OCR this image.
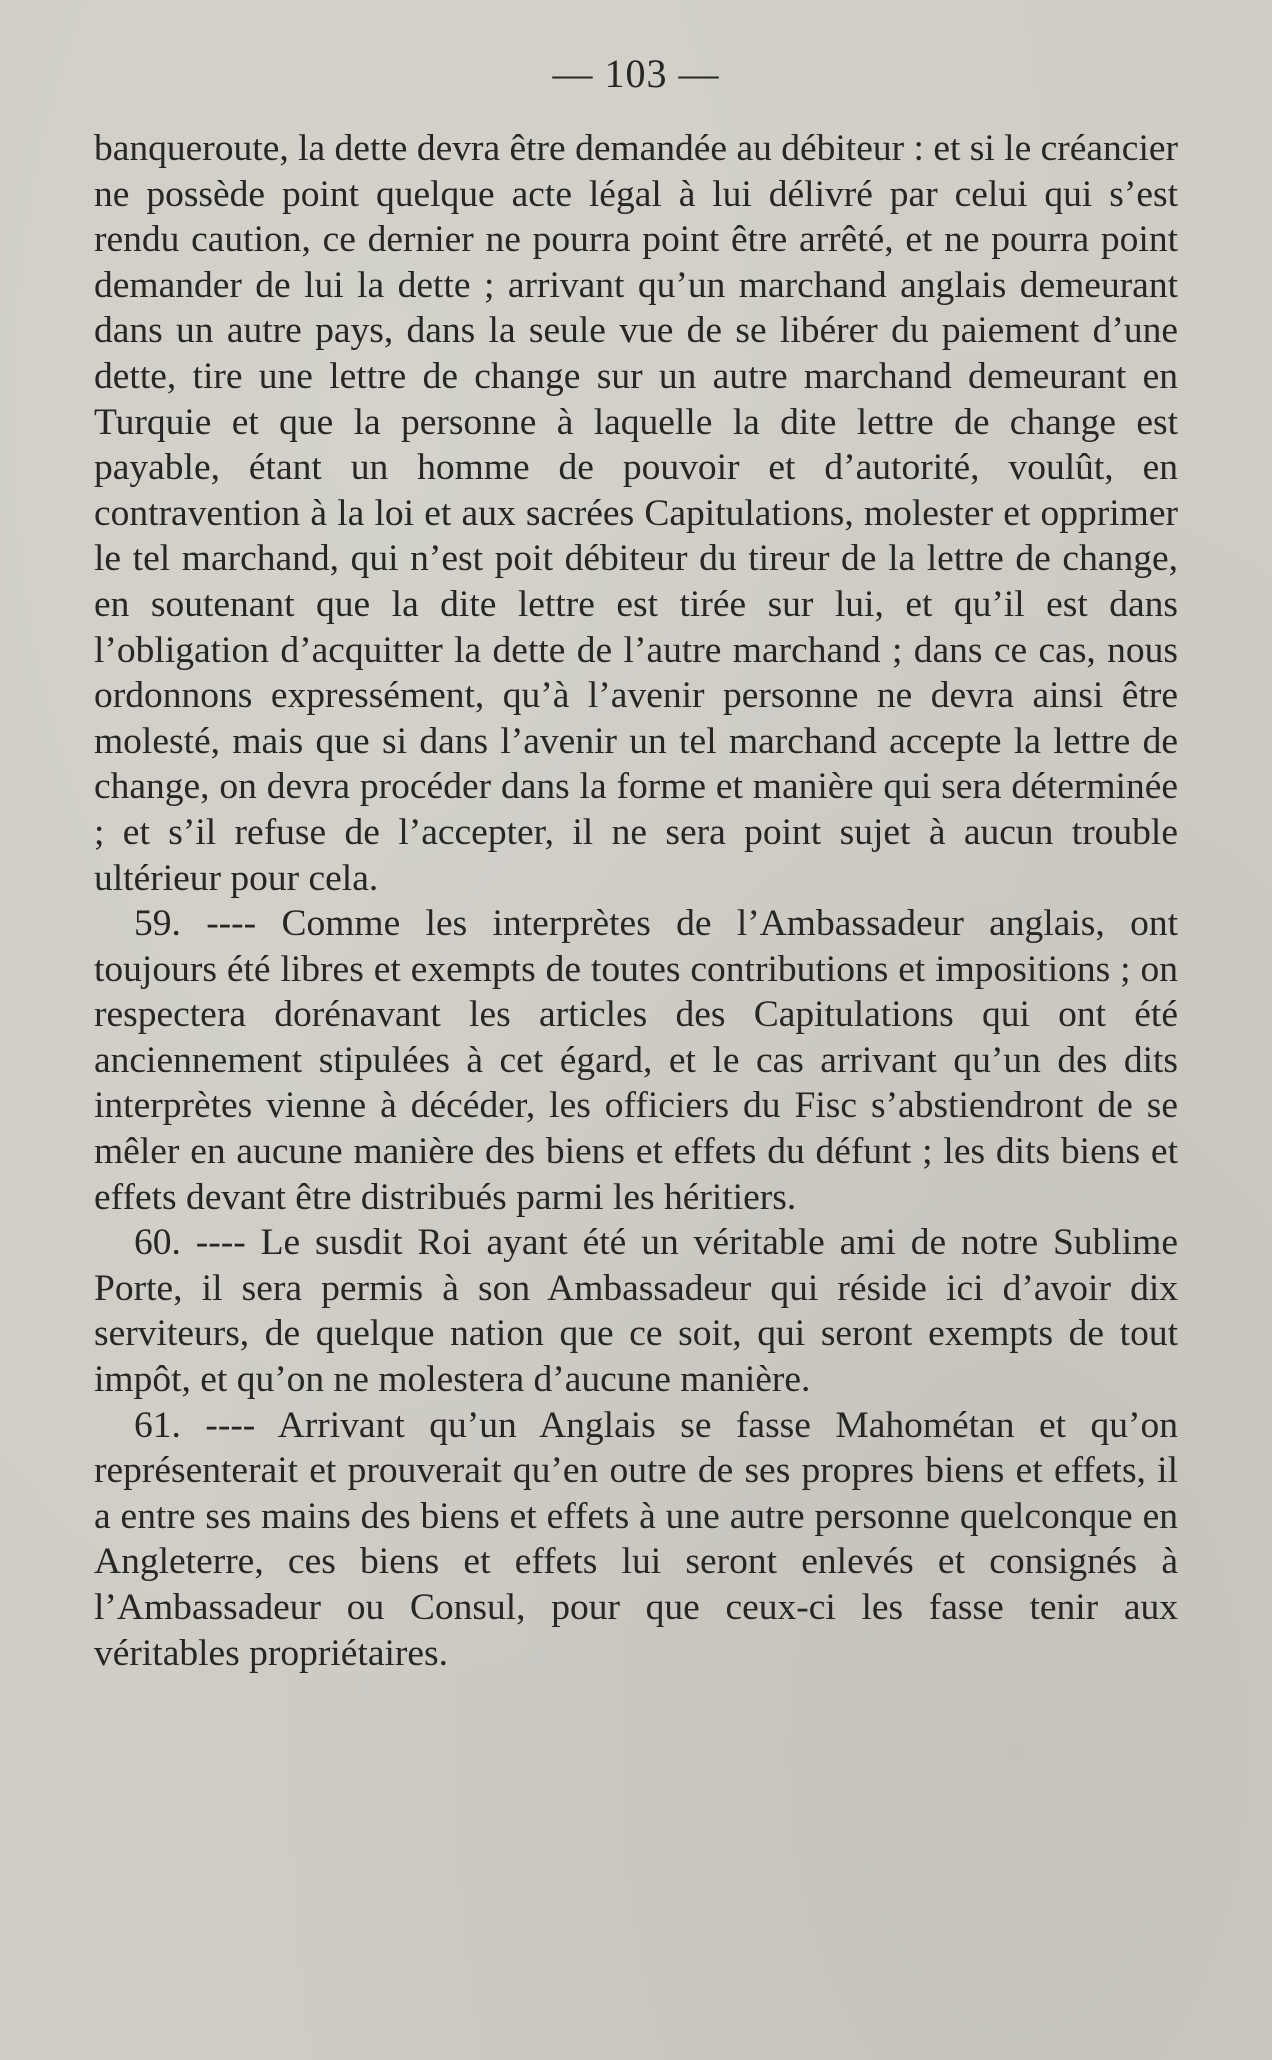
— 103 —

banqueroute, la dette devra être demandée au débiteur : et si le créancier ne possède point quelque acte légal à lui délivré par celui qui s’est rendu caution, ce dernier ne pourra point être arrêté, et ne pourra point demander de lui la dette ; arrivant qu’un marchand anglais demeurant dans un autre pays, dans la seule vue de se libérer du paiement d’une dette, tire une lettre de change sur un autre marchand demeurant en Turquie et que la personne à laquelle la dite lettre de change est payable, étant un homme de pouvoir et d’autorité, voulût, en contravention à la loi et aux sacrées Capitulations, molester et opprimer le tel marchand, qui n’est poit débiteur du tireur de la lettre de change, en soutenant que la dite lettre est tirée sur lui, et qu’il est dans l’obligation d’acquitter la dette de l’autre marchand ; dans ce cas, nous ordonnons expressément, qu’à l’avenir personne ne devra ainsi être molesté, mais que si dans l’avenir un tel marchand accepte la lettre de change, on devra procéder dans la forme et manière qui sera déterminée ; et s’il refuse de l’accepter, il ne sera point sujet à aucun trouble ultérieur pour cela.

59. ---- Comme les interprètes de l’Ambassadeur anglais, ont toujours été libres et exempts de toutes contributions et impositions ; on respectera dorénavant les articles des Capitulations qui ont été anciennement stipulées à cet égard, et le cas arrivant qu’un des dits interprètes vienne à décéder, les officiers du Fisc s’abstiendront de se mêler en aucune manière des biens et effets du défunt ; les dits biens et effets devant être distribués parmi les héritiers.

60. ---- Le susdit Roi ayant été un véritable ami de notre Sublime Porte, il sera permis à son Ambassadeur qui réside ici d’avoir dix serviteurs, de quelque nation que ce soit, qui seront exempts de tout impôt, et qu’on ne molestera d’aucune manière.

61. ---- Arrivant qu’un Anglais se fasse Mahométan et qu’on représenterait et prouverait qu’en outre de ses propres biens et effets, il a entre ses mains des biens et effets à une autre personne quelconque en Angleterre, ces biens et effets lui seront enlevés et consignés à l’Ambassadeur ou Consul, pour que ceux-ci les fasse tenir aux véritables propriétaires.
